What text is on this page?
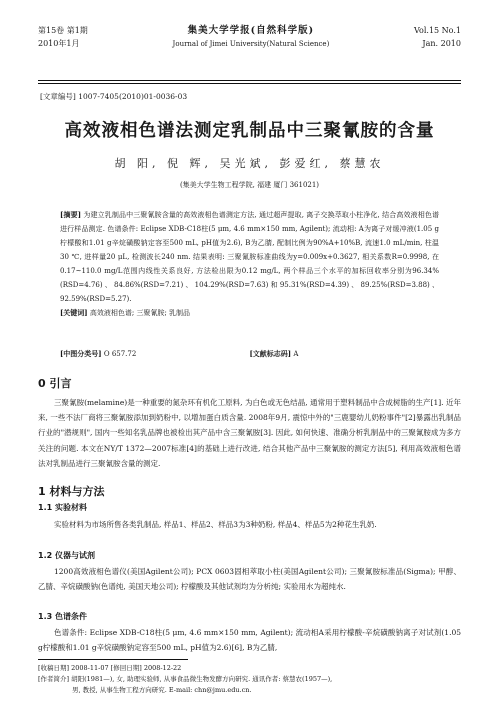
第15卷 第1期	集美大学学报(自然科学版)	Vol.15 No.1
2010年1月	Journal of Jimei University(Natural Science)	Jan. 2010
[文章编号] 1007-7405(2010)01-0036-03
高效液相色谱法测定乳制品中三聚氰胺的含量
胡 阳, 倪 辉, 吴光斌, 彭爱红, 蔡慧农
(集美大学生物工程学院, 福建 厦门 361021)
[摘要] 为建立乳制品中三聚氰胺含量的高效液相色谱测定方法, 通过超声提取, 离子交换萃取小柱净化, 结合高效液相色谱进行样品测定. 色谱条件: Eclipse XDB-C18柱(5 μm, 4.6 mm×150 mm, Agilent); 流动相: A为离子对缓冲液(1.05 g柠檬酸和1.01 g辛烷磺酸钠定容至500 mL, pH值为2.6), B为乙腈, 配制比例为90%A+10%B, 流速1.0 mL/min, 柱温30 ℃, 进样量20 μL, 检测波长240 nm. 结果表明: 三聚氰胺标准曲线为y=0.009x+0.3627, 相关系数R=0.9998, 在0.17~110.0 mg/L范围内线性关系良好, 方法检出限为0.12 mg/L, 两个样品三个水平的加标回收率分别为96.34%(RSD=4.76)、84.86%(RSD=7.21)、104.29%(RSD=7.63)和95.31%(RSD=4.39)、89.25%(RSD=3.88)、92.59%(RSD=5.27).
[关键词] 高效液相色谱; 三聚氰胺; 乳制品
[中图分类号] O 657.72	[文献标志码] A
0 引言
三聚氰胺(melamine)是一种重要的氮杂环有机化工原料, 为白色或无色结晶, 通常用于塑料制品中合成树脂的生产[1]. 近年来, 一些不法厂商将三聚氰胺添加到奶粉中, 以增加蛋白质含量. 2008年9月, 震惊中外的"三鹿婴幼儿奶粉事件"[2]暴露出乳制品行业的"潜规则", 国内一些知名乳品牌也被检出其产品中含三聚氰胺[3]. 因此, 如何快速、准确分析乳制品中的三聚氰胺成为多方关注的问题. 本文在NY/T 1372—2007标准[4]的基础上进行改进, 结合其他产品中三聚氰胺的测定方法[5], 利用高效液相色谱法对乳制品进行三聚氰胺含量的测定.
1 材料与方法
1.1 实验材料
实验材料为市场所售各类乳制品, 样品1、样品2、样品3为3种奶粉, 样品4、样品5为2种花生乳奶.
1.2 仪器与试剂
1200高效液相色谱仪(美国Agilent公司); PCX 0603固相萃取小柱(美国Agilent公司); 三聚氰胺标准品(Sigma); 甲醇、乙腈、辛烷磺酸钠(色谱纯, 美国天地公司); 柠檬酸及其他试剂均为分析纯; 实验用水为超纯水.
1.3 色谱条件
色谱条件: Eclipse XDB-C18柱(5 μm, 4.6 mm×150 mm, Agilent); 流动相A采用柠檬酸-辛烷磺酸钠离子对试剂(1.05 g柠檬酸和1.01 g辛烷磺酸钠定容至500 mL, pH值为2.6)[6], B为乙腈,
[收稿日期] 2008-11-07 [修回日期] 2008-12-22
[作者简介] 胡阳(1981—), 女, 助理实验师, 从事食品微生物发酵方向研究. 通讯作者: 蔡慧农(1957—),
男, 教授, 从事生物工程方向研究. E-mail: chn@jmu.edu.cn.
